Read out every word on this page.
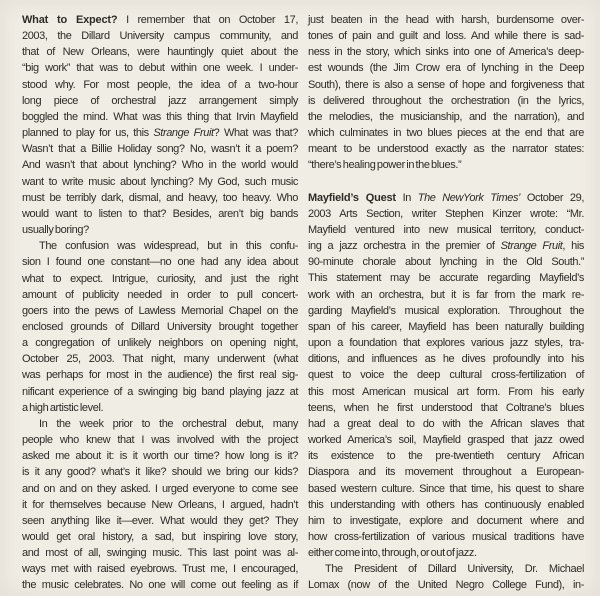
What to Expect? I remember that on October 17,
2003, the Dillard University campus community, and
that of New Orleans, were hauntingly quiet about the
“big work” that was to debut within one week. I under-
stood why. For most people, the idea of a two-hour
long piece of orchestral jazz arrangement simply
boggled the mind. What was this thing that Irvin Mayfield
planned to play for us, this Strange Fruit? What was that?
Wasn’t that a Billie Holiday song? No, wasn’t it a poem?
And wasn’t that about lynching? Who in the world would
want to write music about lynching? My God, such music
must be terribly dark, dismal, and heavy, too heavy. Who
would want to listen to that? Besides, aren’t big bands
usually boring?
The confusion was widespread, but in this confu-
sion I found one constant—no one had any idea about
what to expect. Intrigue, curiosity, and just the right
amount of publicity needed in order to pull concert-
goers into the pews of Lawless Memorial Chapel on the
enclosed grounds of Dillard University brought together
a congregation of unlikely neighbors on opening night,
October 25, 2003. That night, many underwent (what
was perhaps for most in the audience) the first real sig-
nificant experience of a swinging big band playing jazz at
a high artistic level.
In the week prior to the orchestral debut, many
people who knew that I was involved with the project
asked me about it: is it worth our time? how long is it?
is it any good? what’s it like? should we bring our kids?
and on and on they asked. I urged everyone to come see
it for themselves because New Orleans, I argued, hadn’t
seen anything like it—ever. What would they get? They
would get oral history, a sad, but inspiring love story,
and most of all, swinging music. This last point was al-
ways met with raised eyebrows. Trust me, I encouraged,
the music celebrates. No one will come out feeling as if
just beaten in the head with harsh, burdensome over-
tones of pain and guilt and loss. And while there is sad-
ness in the story, which sinks into one of America’s deep-
est wounds (the Jim Crow era of lynching in the Deep
South), there is also a sense of hope and forgiveness that
is delivered throughout the orchestration (in the lyrics,
the melodies, the musicianship, and the narration), and
which culminates in two blues pieces at the end that are
meant to be understood exactly as the narrator states:
“there’s healing power in the blues.”
Mayfield’s Quest In The NewYork Times’ October 29,
2003 Arts Section, writer Stephen Kinzer wrote: “Mr.
Mayfield ventured into new musical territory, conduct-
ing a jazz orchestra in the premier of Strange Fruit, his
90-minute chorale about lynching in the Old South.”
This statement may be accurate regarding Mayfield’s
work with an orchestra, but it is far from the mark re-
garding Mayfield’s musical exploration. Throughout the
span of his career, Mayfield has been naturally building
upon a foundation that explores various jazz styles, tra-
ditions, and influences as he dives profoundly into his
quest to voice the deep cultural cross-fertilization of
this most American musical art form. From his early
teens, when he first understood that Coltrane’s blues
had a great deal to do with the African slaves that
worked America’s soil, Mayfield grasped that jazz owed
its existence to the pre-twentieth century African
Diaspora and its movement throughout a European-
based western culture. Since that time, his quest to share
this understanding with others has continuously enabled
him to investigate, explore and document where and
how cross-fertilization of various musical traditions have
either come into, through, or out of jazz.
The President of Dillard University, Dr. Michael
Lomax (now of the United Negro College Fund), in-
